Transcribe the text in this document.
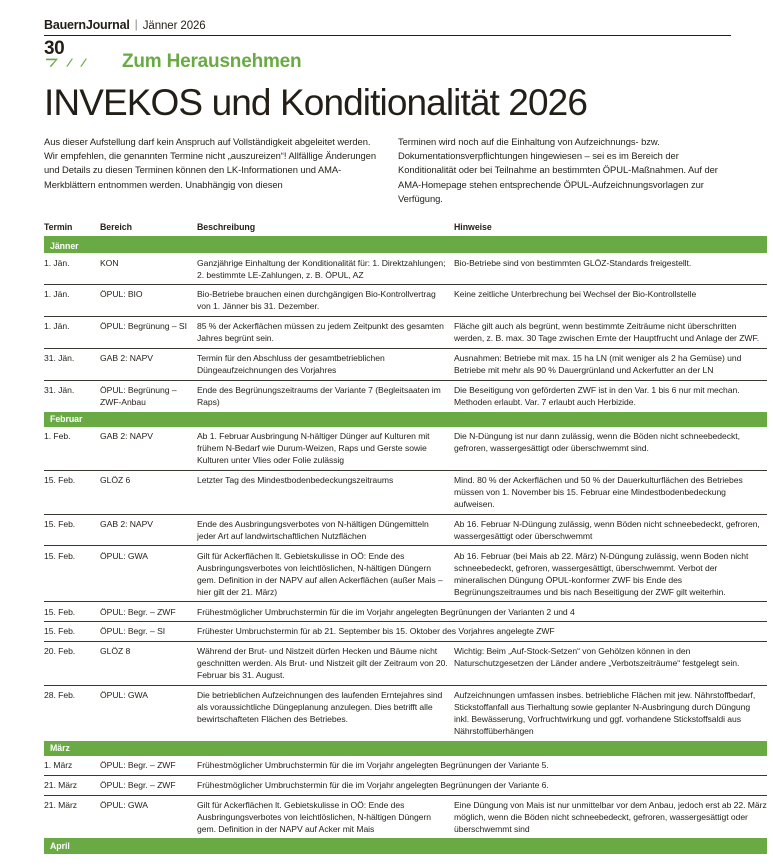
BauernJournal | Jänner 2026
30
Zum Herausnehmen
INVEKOS und Konditionalität 2026
Aus dieser Aufstellung darf kein Anspruch auf Vollständigkeit abgeleitet werden. Wir empfehlen, die genannten Termine nicht „auszureizen“! Allfällige Änderungen und Details zu diesen Terminen können den LK-Informationen und AMA-Merkblättern entnommen werden. Unabhängig von diesen
Terminen wird noch auf die Einhaltung von Aufzeichnungs- bzw. Dokumentationsverpflichtungen hingewiesen – sei es im Bereich der Konditionalität oder bei Teilnahme an bestimmten ÖPUL-Maßnahmen. Auf der AMA-Homepage stehen entsprechende ÖPUL-Aufzeichnungsvorlagen zur Verfügung.
Termin	Bereich	Beschreibung	Hinweise
Jänner			
1. Jän.	KON	Ganzjährige Einhaltung der Konditionalität für: 1. Direktzahlungen; 2. bestimmte LE-Zahlungen, z. B. ÖPUL, AZ	Bio-Betriebe sind von bestimmten GLÖZ-Standards freigestellt.
1. Jän.	ÖPUL: BIO	Bio-Betriebe brauchen einen durchgängigen Bio-Kontrollvertrag von 1. Jänner bis 31. Dezember.	Keine zeitliche Unterbrechung bei Wechsel der Bio-Kontrollstelle
1. Jän.	ÖPUL: Begrünung – SI	85 % der Ackerflächen müssen zu jedem Zeitpunkt des gesamten Jahres begrünt sein.	Fläche gilt auch als begrünt, wenn bestimmte Zeiträume nicht überschritten werden, z. B. max. 30 Tage zwischen Ernte der Hauptfrucht und Anlage der ZWF.
31. Jän.	GAB 2: NAPV	Termin für den Abschluss der gesamtbetrieblichen Düngeaufzeichnungen des Vorjahres	Ausnahmen: Betriebe mit max. 15 ha LN (mit weniger als 2 ha Gemüse) und Betriebe mit mehr als 90 % Dauergrünland und Ackerfutter an der LN
31. Jän.	ÖPUL: Begrünung – ZWF-Anbau	Ende des Begrünungszeitraums der Variante 7 (Begleitsaaten im Raps)	Die Beseitigung von geförderten ZWF ist in den Var. 1 bis 6 nur mit mechan. Methoden erlaubt. Var. 7 erlaubt auch Herbizide.
Februar			
1. Feb.	GAB 2: NAPV	Ab 1. Februar Ausbringung N-hältiger Dünger auf Kulturen mit frühem N-Bedarf wie Durum-Weizen, Raps und Gerste sowie Kulturen unter Vlies oder Folie zulässig	Die N-Düngung ist nur dann zulässig, wenn die Böden nicht schneebedeckt, gefroren, wassergesättigt oder überschwemmt sind.
15. Feb.	GLÖZ 6	Letzter Tag des Mindestbodenbedeckungszeitraums	Mind. 80 % der Ackerflächen und 50 % der Dauerkulturflächen des Betriebes müssen von 1. November bis 15. Februar eine Mindestbodenbedeckung aufweisen.
15. Feb.	GAB 2: NAPV	Ende des Ausbringungsverbotes von N-hältigen Düngemitteln jeder Art auf landwirtschaftlichen Nutzflächen	Ab 16. Februar N-Düngung zulässig, wenn Böden nicht schneebedeckt, gefroren, wassergesättigt oder überschwemmt
15. Feb.	ÖPUL: GWA	Gilt für Ackerflächen lt. Gebietskulisse in OÖ: Ende des Ausbringungsverbotes von leichtlöslichen, N-hältigen Düngern gem. Definition in der NAPV auf allen Ackerflächen (außer Mais – hier gilt der 21. März)	Ab 16. Februar (bei Mais ab 22. März) N-Düngung zulässig, wenn Boden nicht schneebedeckt, gefroren, wassergesättigt, überschwemmt. Verbot der mineralischen Düngung ÖPUL-konformer ZWF bis Ende des Begrünungszeitraumes und bis nach Beseitigung der ZWF gilt weiterhin.
15. Feb.	ÖPUL: Begr. – ZWF	Frühestmöglicher Umbruchstermin für die im Vorjahr angelegten Begrünungen der Varianten 2 und 4	
15. Feb.	ÖPUL: Begr. – SI	Frühester Umbruchstermin für ab 21. September bis 15. Oktober des Vorjahres angelegte ZWF	
20. Feb.	GLÖZ 8	Während der Brut- und Nistzeit dürfen Hecken und Bäume nicht geschnitten werden. Als Brut- und Nistzeit gilt der Zeitraum von 20. Februar bis 31. August.	Wichtig: Beim „Auf-Stock-Setzen“ von Gehölzen können in den Naturschutzgesetzen der Länder andere „Verbotszeiträume“ festgelegt sein.
28. Feb.	ÖPUL: GWA	Die betrieblichen Aufzeichnungen des laufenden Erntejahres sind als voraussichtliche Düngeplanung anzulegen. Dies betrifft alle bewirtschafteten Flächen des Betriebes.	Aufzeichnungen umfassen insbes. betriebliche Flächen mit jew. Nährstoffbedarf, Stickstoffanfall aus Tierhaltung sowie geplanter N-Ausbringung durch Düngung inkl. Bewässerung, Vorfruchtwirkung und ggf. vorhandene Stickstoffsaldi aus Nährstoffüberhängen
März			
1. März	ÖPUL: Begr. – ZWF	Frühestmöglicher Umbruchstermin für die im Vorjahr angelegten Begrünungen der Variante 5.	
21. März	ÖPUL: Begr. – ZWF	Frühestmöglicher Umbruchstermin für die im Vorjahr angelegten Begrünungen der Variante 6.	
21. März	ÖPUL: GWA	Gilt für Ackerflächen lt. Gebietskulisse in OÖ: Ende des Ausbringungsverbotes von leichtlöslichen, N-hältigen Düngern gem. Definition in der NAPV auf Acker mit Mais	Eine Düngung von Mais ist nur unmittelbar vor dem Anbau, jedoch erst ab 22. März möglich, wenn die Böden nicht schneebedeckt, gefroren, wassergesättigt oder überschwemmt sind
April			
